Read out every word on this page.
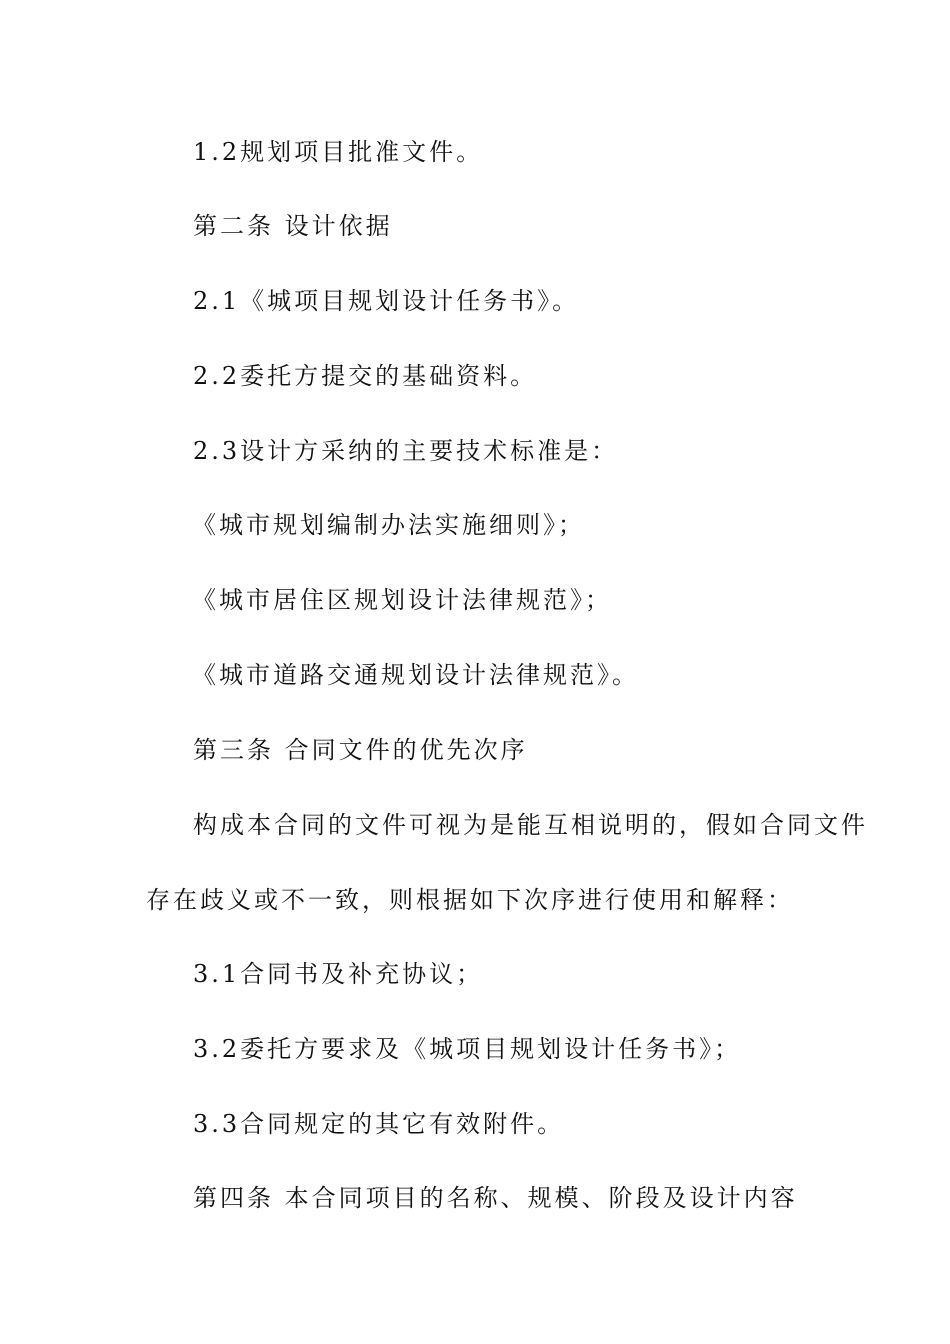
1.2规划项目批准文件。
第二条 设计依据
2.1《城项目规划设计任务书》。
2.2委托方提交的基础资料。
2.3设计方采纳的主要技术标准是：
《城市规划编制办法实施细则》；
《城市居住区规划设计法律规范》；
《城市道路交通规划设计法律规范》。
第三条 合同文件的优先次序
构成本合同的文件可视为是能互相说明的，假如合同文件
存在歧义或不一致，则根据如下次序进行使用和解释：
3.1合同书及补充协议；
3.2委托方要求及《城项目规划设计任务书》；
3.3合同规定的其它有效附件。
第四条 本合同项目的名称、规模、阶段及设计内容
